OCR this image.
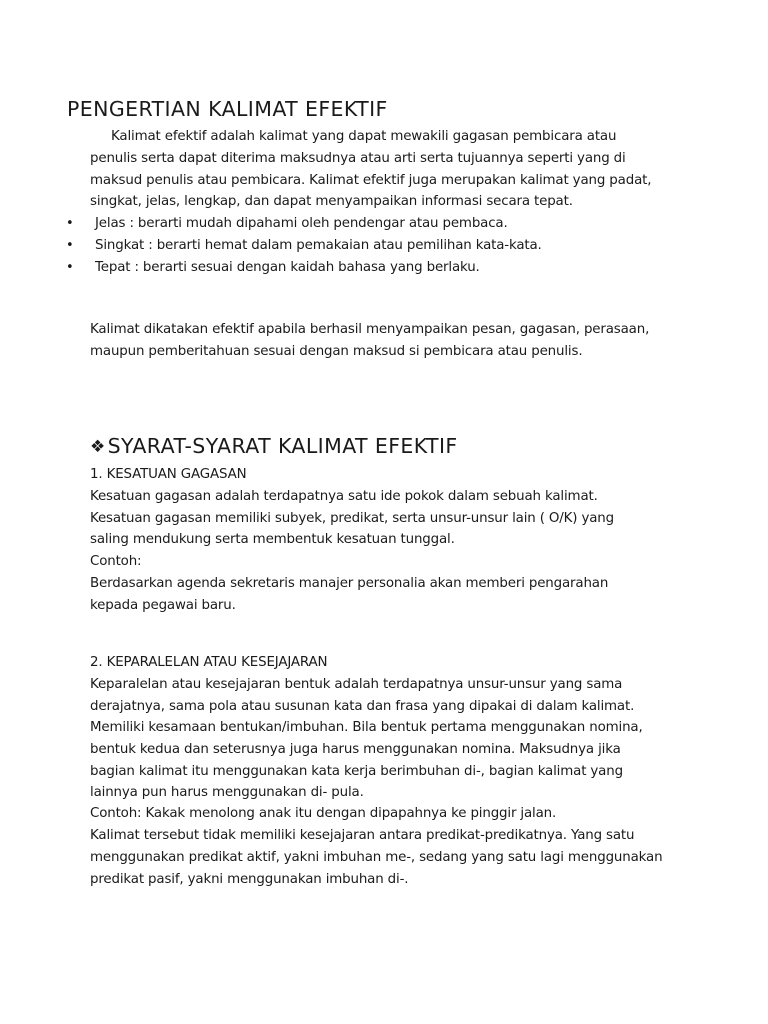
PENGERTIAN KALIMAT EFEKTIF
Kalimat efektif adalah kalimat yang dapat mewakili gagasan pembicara atau
penulis serta dapat diterima maksudnya atau arti serta tujuannya seperti yang di
maksud penulis atau pembicara. Kalimat efektif juga merupakan kalimat yang padat,
singkat, jelas, lengkap, dan dapat menyampaikan informasi secara tepat.
• Jelas : berarti mudah dipahami oleh pendengar atau pembaca.
• Singkat : berarti hemat dalam pemakaian atau pemilihan kata-kata.
• Tepat : berarti sesuai dengan kaidah bahasa yang berlaku.
Kalimat dikatakan efektif apabila berhasil menyampaikan pesan, gagasan, perasaan,
maupun pemberitahuan sesuai dengan maksud si pembicara atau penulis.
❖SYARAT-SYARAT KALIMAT EFEKTIF
1. KESATUAN GAGASAN
Kesatuan gagasan adalah terdapatnya satu ide pokok dalam sebuah kalimat.
Kesatuan gagasan memiliki subyek, predikat, serta unsur-unsur lain ( O/K) yang
saling mendukung serta membentuk kesatuan tunggal.
Contoh:
Berdasarkan agenda sekretaris manajer personalia akan memberi pengarahan
kepada pegawai baru.
2. KEPARALELAN ATAU KESEJAJARAN
Keparalelan atau kesejajaran bentuk adalah terdapatnya unsur-unsur yang sama
derajatnya, sama pola atau susunan kata dan frasa yang dipakai di dalam kalimat.
Memiliki kesamaan bentukan/imbuhan. Bila bentuk pertama menggunakan nomina,
bentuk kedua dan seterusnya juga harus menggunakan nomina. Maksudnya jika
bagian kalimat itu menggunakan kata kerja berimbuhan di-, bagian kalimat yang
lainnya pun harus menggunakan di- pula.
Contoh: Kakak menolong anak itu dengan dipapahnya ke pinggir jalan.
Kalimat tersebut tidak memiliki kesejajaran antara predikat-predikatnya. Yang satu
menggunakan predikat aktif, yakni imbuhan me-, sedang yang satu lagi menggunakan
predikat pasif, yakni menggunakan imbuhan di-.
